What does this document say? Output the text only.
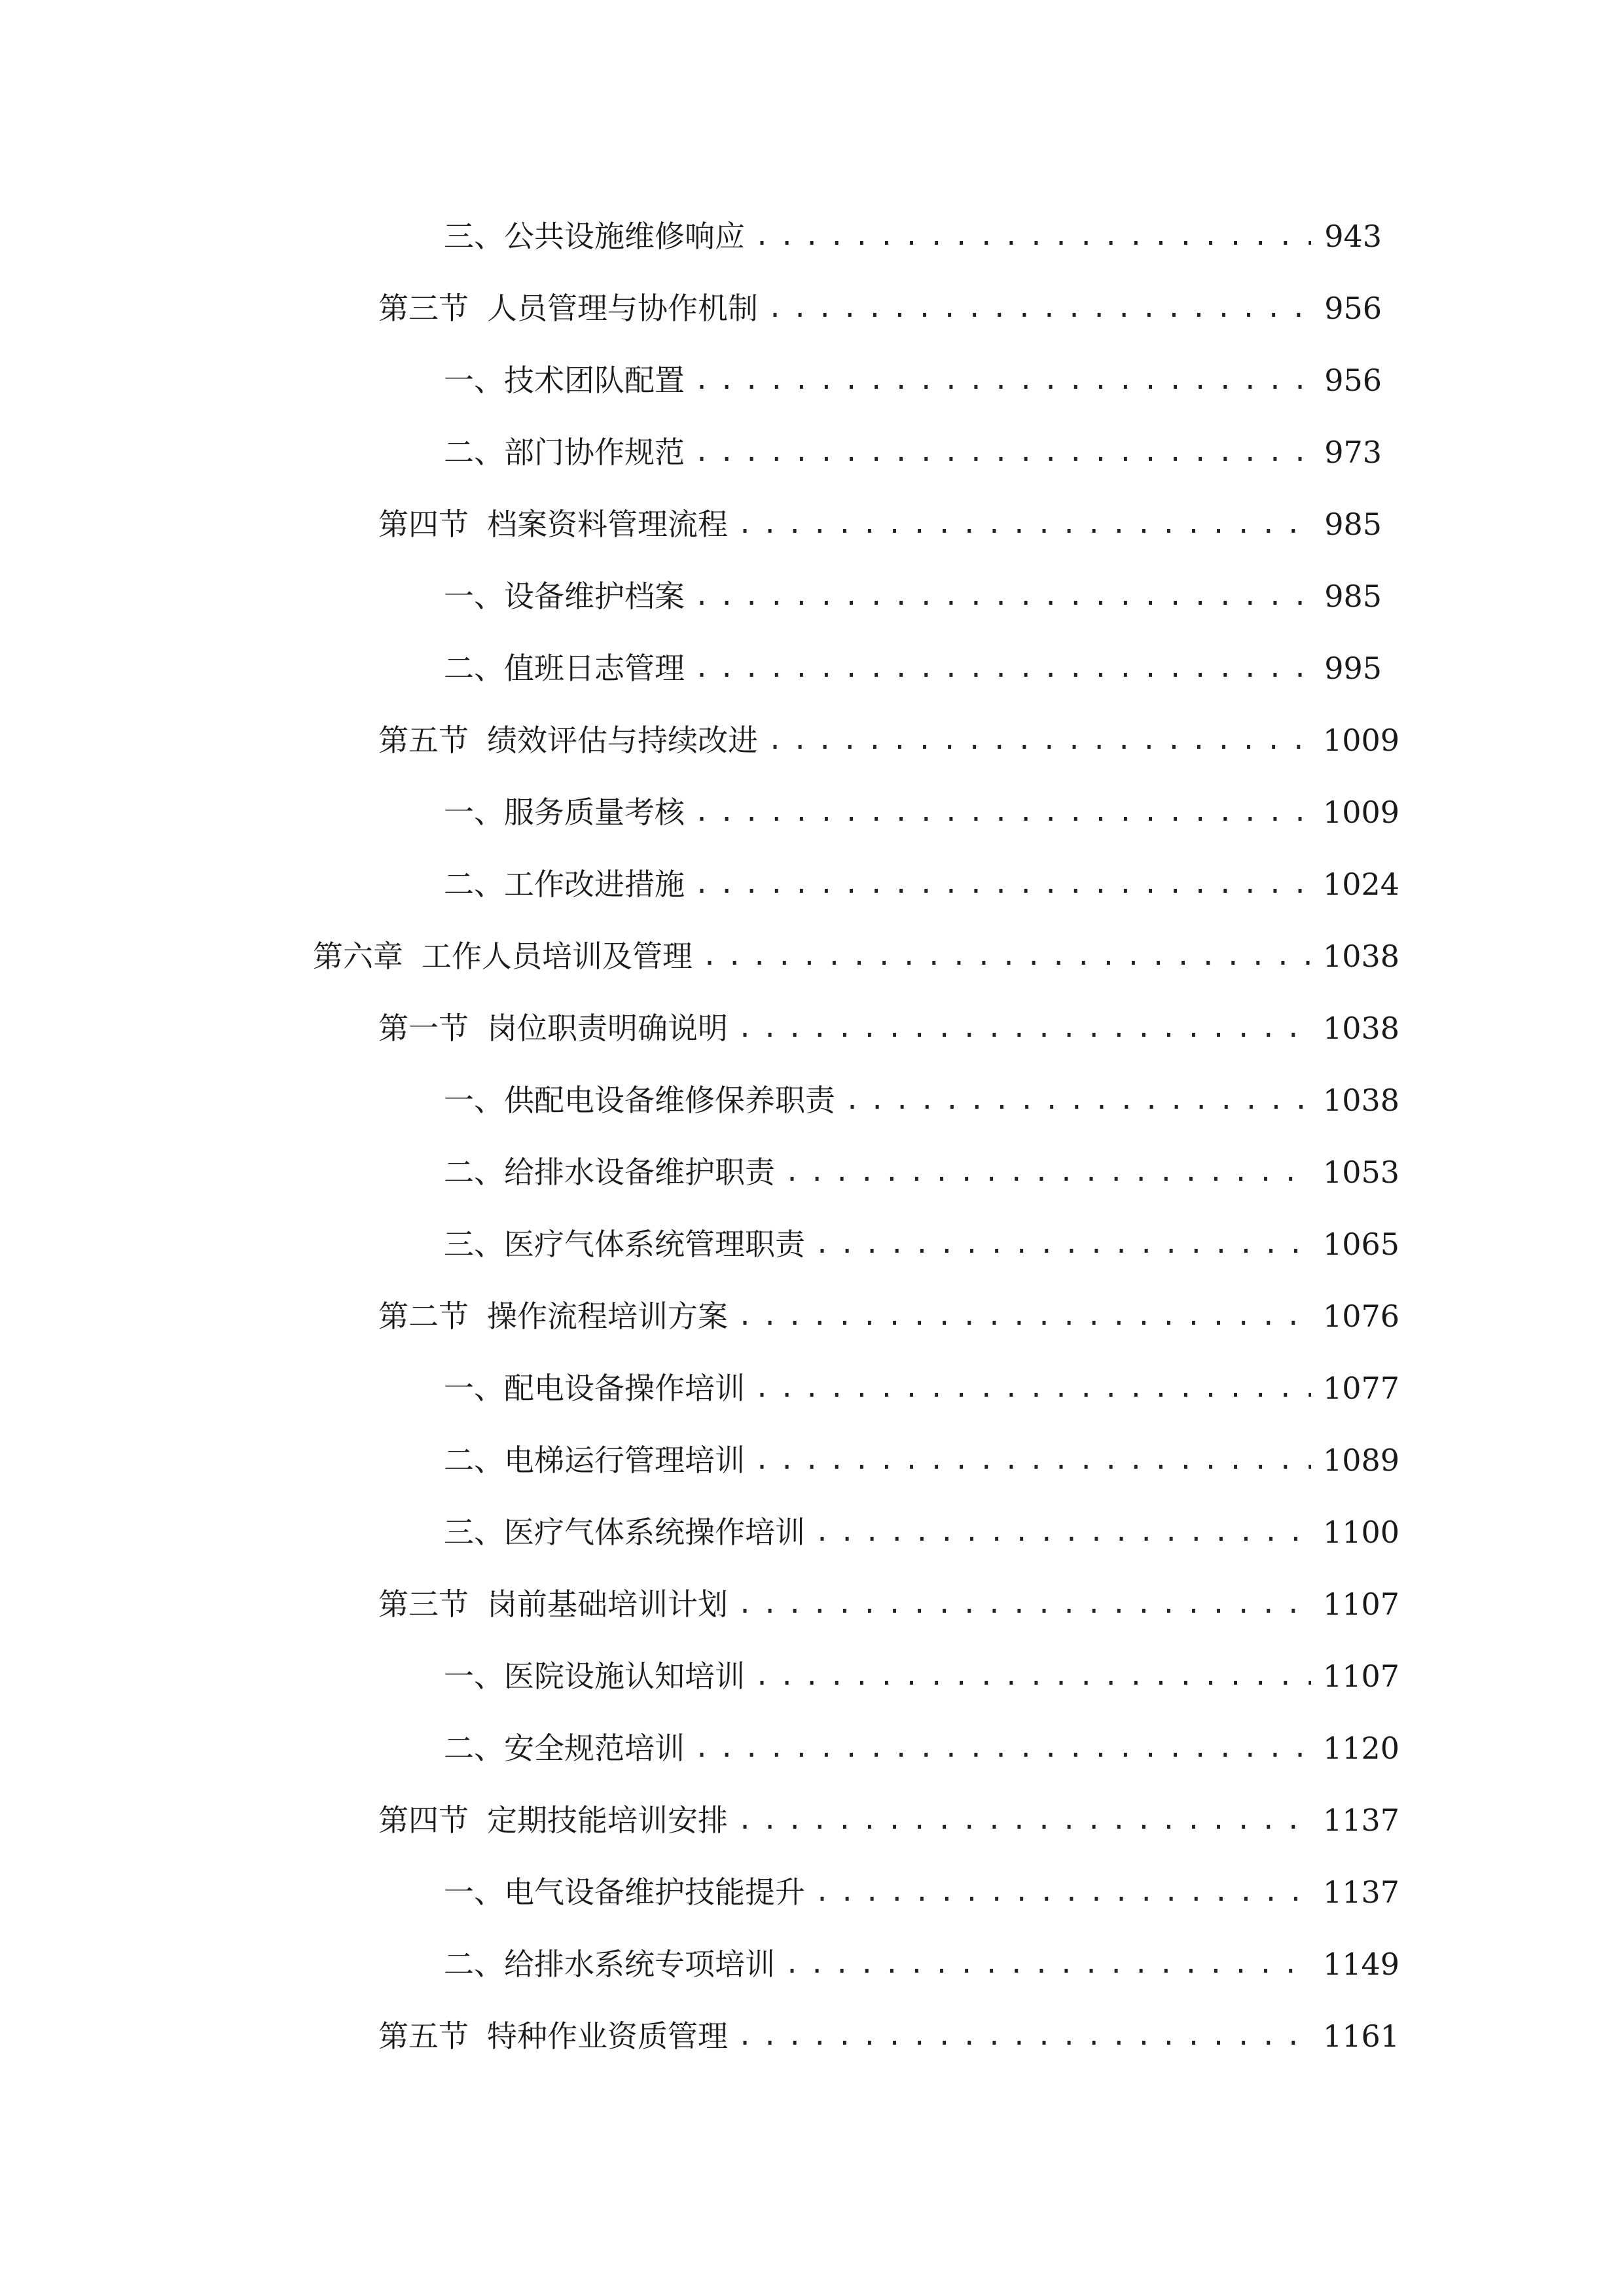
三、 公共设施维修响应 .....	943
第三节 人员管理与协作机制 .....	956
一、 技术团队配置 .....	956
二、 部门协作规范 .....	973
第四节 档案资料管理流程 .....	985
一、 设备维护档案 .....	985
二、 值班日志管理 .....	995
第五节 绩效评估与持续改进 .....	1009
一、 服务质量考核 .....	1009
二、 工作改进措施 .....	1024
第六章 工作人员培训及管理 .....	1038
第一节 岗位职责明确说明 .....	1038
一、 供配电设备维修保养职责 .....	1038
二、 给排水设备维护职责 .....	1053
三、 医疗气体系统管理职责 .....	1065
第二节 操作流程培训方案 .....	1076
一、 配电设备操作培训 .....	1077
二、 电梯运行管理培训 .....	1089
三、 医疗气体系统操作培训 .....	1100
第三节 岗前基础培训计划 .....	1107
一、 医院设施认知培训 .....	1107
二、 安全规范培训 .....	1120
第四节 定期技能培训安排 .....	1137
一、 电气设备维护技能提升 .....	1137
二、 给排水系统专项培训 .....	1149
第五节 特种作业资质管理 .....	1161
